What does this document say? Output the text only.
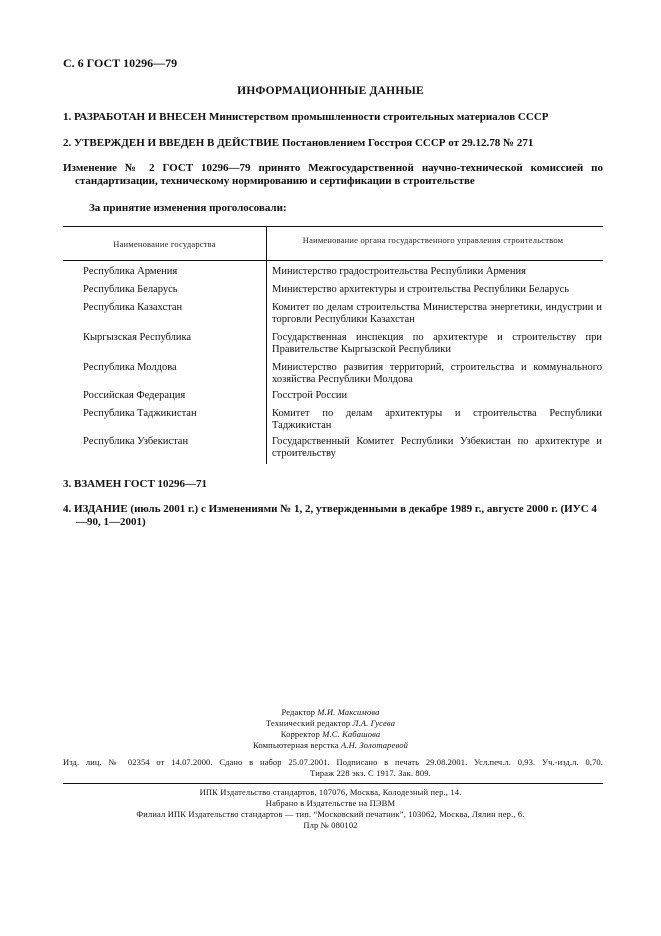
С. 6 ГОСТ 10296—79
ИНФОРМАЦИОННЫЕ ДАННЫЕ
1. РАЗРАБОТАН И ВНЕСЕН Министерством промышленности строительных материалов СССР
2. УТВЕРЖДЕН И ВВЕДЕН В ДЕЙСТВИЕ Постановлением Госстроя СССР от 29.12.78 № 271
Изменение № 2 ГОСТ 10296—79 принято Межгосударственной научно-технической комиссией по стандартизации, техническому нормированию и сертификации в строительстве
За принятие изменения проголосовали:
Наименование государства	Наименование органа государственного управления строительством
Республика Армения	Министерство градостроительства Республики Армения
Республика Беларусь	Министерство архитектуры и строительства Республики Беларусь
Республика Казахстан	Комитет по делам строительства Министерства энергетики, индустрии и торговли Республики Казахстан
Кыргызская Республика	Государственная инспекция по архитектуре и строительству при Правительстве Кыргызской Республики
Республика Молдова	Министерство развития территорий, строительства и коммунального хозяйства Республики Молдова
Российская Федерация	Госстрой России
Республика Таджикистан	Комитет по делам архитектуры и строительства Республики Таджикистан
Республика Узбекистан	Государственный Комитет Республики Узбекистан по архитектуре и строительству
3. ВЗАМЕН ГОСТ 10296—71
4. ИЗДАНИЕ (июль 2001 г.) с Изменениями № 1, 2, утвержденными в декабре 1989 г., августе 2000 г. (ИУС 4—90, 1—2001)
Редактор М.И. Максимова
Технический редактор Л.А. Гусева
Корректор М.С. Кабашова
Компьютерная верстка А.Н. Золотаревой
Изд. лиц. № 02354 от 14.07.2000. Сдано в набор 25.07.2001. Подписано в печать 29.08.2001. Усл.печ.л. 0,93. Уч.-изд.л. 0,70.
Тираж 228 экз. С 1917. Зак. 809.
ИПК Издательство стандартов, 107076, Москва, Колодезный пер., 14.
Набрано в Издательстве на ПЭВМ
Филиал ИПК Издательство стандартов — тип. “Московский печатник”, 103062, Москва, Лялин пер., 6.
Плр № 080102
